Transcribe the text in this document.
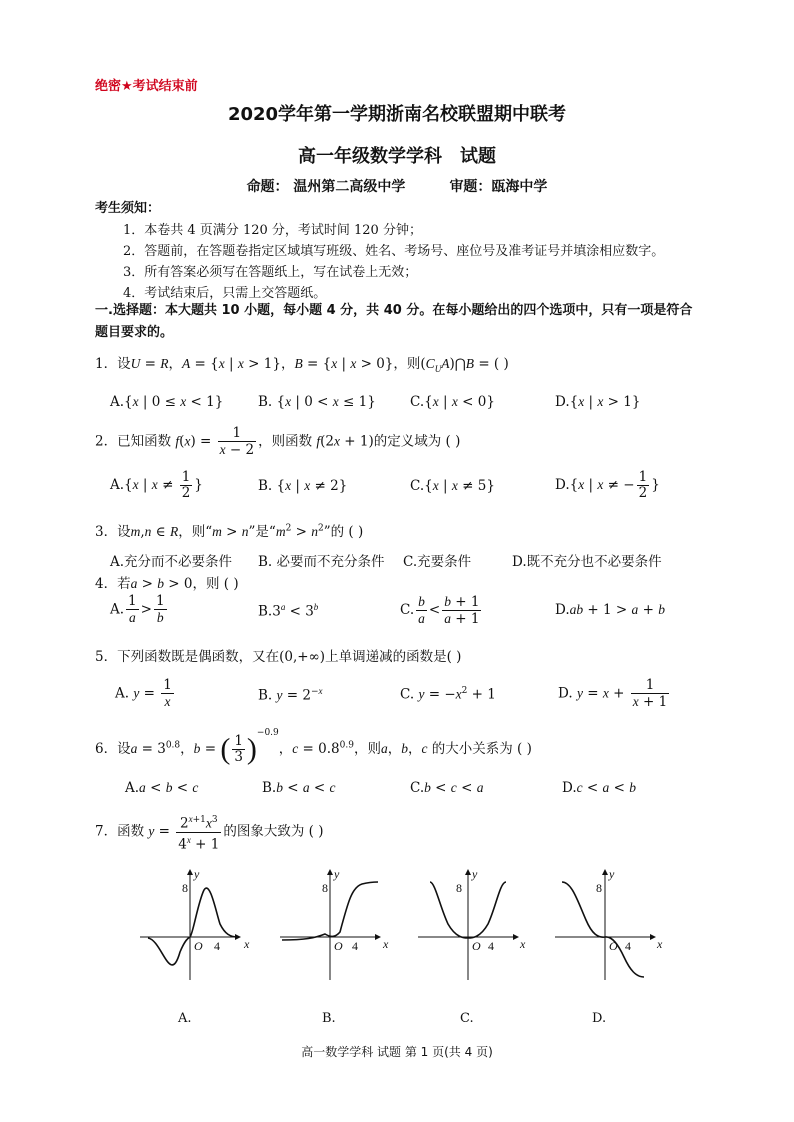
绝密★考试结束前
2020学年第一学期浙南名校联盟期中联考
高一年级数学学科 试题
命题： 温州第二高级中学	审题：瓯海中学
考生须知：
1．本卷共 4 页满分 120 分，考试时间 120 分钟；
2．答题前，在答题卷指定区域填写班级、姓名、考场号、座位号及准考证号并填涂相应数字。
3．所有答案必须写在答题纸上，写在试卷上无效；
4．考试结束后，只需上交答题纸。
一.选择题：本大题共 10 小题，每小题 4 分，共 40 分。在每小题给出的四个选项中，只有一项是符合题目要求的。
1．设U = R，A = {x | x > 1}，B = {x | x > 0}，则$(C_UA)⋂B$ = ( )
A.{x | 0 ≤ x < 1}	B. {x | 0 < x ≤ 1}	C.{x | x < 0}	D.{x | x > 1}
2．已知函数 $f(x) = \frac{1}{x - 2}$ ，则函数 f(2x + 1)的定义域为 ( )
A.{x | $x \ne \frac{1}{2}$ }	B. {x | x ≠ 2}	C.{x | x ≠ 5}	D.{x | x ≠ − $\frac{1}{2}$ }
3．设m,n ∈ R，则“m > n”是“$m^2 > n^2$”的 ( )
A.充分而不必要条件 B. 必要而不充分条件 C.充要条件	D.既不充分也不必要条件
4．若a > b > 0，则 ( )
A. $\frac{1}{a} > \frac{1}{b}$	$B.3^a < 3^b$	C. $\frac{b}{a} < \frac{b + 1}{a + 1}$	D.ab + 1 > a + b
5．下列函数既是偶函数，又在(0,+∞)上单调递减的函数是( )
A. $y = \frac{1}{x}$	B. $y = 2^{-x}$	C. $y = -x^2 + 1$	D. $y = x + \frac{1}{x + 1}$
6．设$a = 3^{0.8}$，b = ( $\frac{1}{3} )^{-0.9}$，$c = 0.8^{0.9}$，则a，b，c 的大小关系为 ( )
A.a < b < c	B.b < a < c	C.b < c < a	D.c < a < b
7．函数 $y = \frac{2^{x+1}x^3}{4^x + 1}$ 的图象大致为 ( )
8
y
O 4 x
8
y
O 4 x
8
y
O 4 x
8
y
O 4 x
A.	B.	C.	D.
高一数学学科 试题 第 1 页(共 4 页)
